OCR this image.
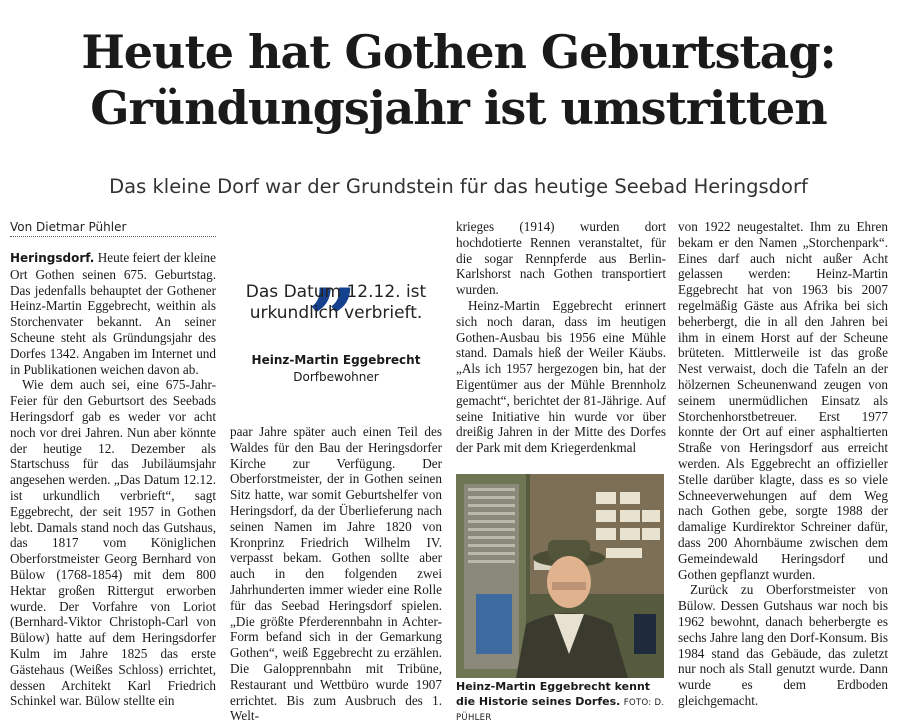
Heute hat Gothen Geburtstag:
Gründungsjahr ist umstritten
Das kleine Dorf war der Grundstein für das heutige Seebad Heringsdorf
Von Dietmar Pühler

Heringsdorf. Heute feiert der kleine Ort Gothen seinen 675. Geburtstag. Das jedenfalls behauptet der Gothener Heinz-Martin Eggebrecht, weithin als Storchenvater bekannt. An seiner Scheune steht als Gründungsjahr des Dorfes 1342. Angaben im Internet und in Publikationen weichen davon ab.

Wie dem auch sei, eine 675-Jahr-Feier für den Geburtsort des Seebads Heringsdorf gab es weder vor acht noch vor drei Jahren. Nun aber könnte der heutige 12. Dezember als Startschuss für das Jubiläumsjahr angesehen werden. „Das Datum 12.12. ist urkundlich verbrieft“, sagt Eggebrecht, der seit 1957 in Gothen lebt. Damals stand noch das Gutshaus, das 1817 vom Königlichen Oberforstmeister Georg Bernhard von Bülow (1768-1854) mit dem 800 Hektar großen Rittergut erworben wurde. Der Vorfahre von Loriot (Bernhard-Viktor Christoph-Carl von Bülow) hatte auf dem Heringsdorfer Kulm im Jahre 1825 das erste Gästehaus (Weißes Schloss) errichtet, dessen Architekt Karl Friedrich Schinkel war. Bülow stellte ein

„
Das Datum 12.12. ist urkundlich verbrieft.
Heinz-Martin Eggebrecht
Dorfbewohner

paar Jahre später auch einen Teil des Waldes für den Bau der Heringsdorfer Kirche zur Verfügung. Der Oberforstmeister, der in Gothen seinen Sitz hatte, war somit Geburtshelfer von Heringsdorf, da der Überlieferung nach seinen Namen im Jahre 1820 von Kronprinz Friedrich Wilhelm IV. verpasst bekam. Gothen sollte aber auch in den folgenden zwei Jahrhunderten immer wieder eine Rolle für das Seebad Heringsdorf spielen. „Die größte Pferderennbahn in Achter-Form befand sich in der Gemarkung Gothen“, weiß Eggebrecht zu erzählen. Die Galopprennbahn mit Tribüne, Restaurant und Wettbüro wurde 1907 errichtet. Bis zum Ausbruch des 1. Welt-

krieges (1914) wurden dort hochdotierte Rennen veranstaltet, für die sogar Rennpferde aus Berlin-Karlshorst nach Gothen transportiert wurden.

Heinz-Martin Eggebrecht erinnert sich noch daran, dass im heutigen Gothen-Ausbau bis 1956 eine Mühle stand. Damals hieß der Weiler Käubs. „Als ich 1957 hergezogen bin, hat der Eigentümer aus der Mühle Brennholz gemacht“, berichtet der 81-Jährige. Auf seine Initiative hin wurde vor über dreißig Jahren in der Mitte des Dorfes der Park mit dem Kriegerdenkmal

Heinz-Martin Eggebrecht kennt die Historie seines Dorfes. FOTO: D. PÜHLER

von 1922 neugestaltet. Ihm zu Ehren bekam er den Namen „Storchenpark“. Eines darf auch nicht außer Acht gelassen werden: Heinz-Martin Eggebrecht hat von 1963 bis 2007 regelmäßig Gäste aus Afrika bei sich beherbergt, die in all den Jahren bei ihm in einem Horst auf der Scheune brüteten. Mittlerweile ist das große Nest verwaist, doch die Tafeln an der hölzernen Scheunenwand zeugen von seinem unermüdlichen Einsatz als Storchenhorstbetreuer. Erst 1977 konnte der Ort auf einer asphaltierten Straße von Heringsdorf aus erreicht werden. Als Eggebrecht an offizieller Stelle darüber klagte, dass es so viele Schneeverwehungen auf dem Weg nach Gothen gebe, sorgte 1988 der damalige Kurdirektor Schreiner dafür, dass 200 Ahornbäume zwischen dem Gemeindewald Heringsdorf und Gothen gepflanzt wurden.

Zurück zu Oberforstmeister von Bülow. Dessen Gutshaus war noch bis 1962 bewohnt, danach beherbergte es sechs Jahre lang den Dorf-Konsum. Bis 1984 stand das Gebäude, das zuletzt nur noch als Stall genutzt wurde. Dann wurde es dem Erdboden gleichgemacht.
